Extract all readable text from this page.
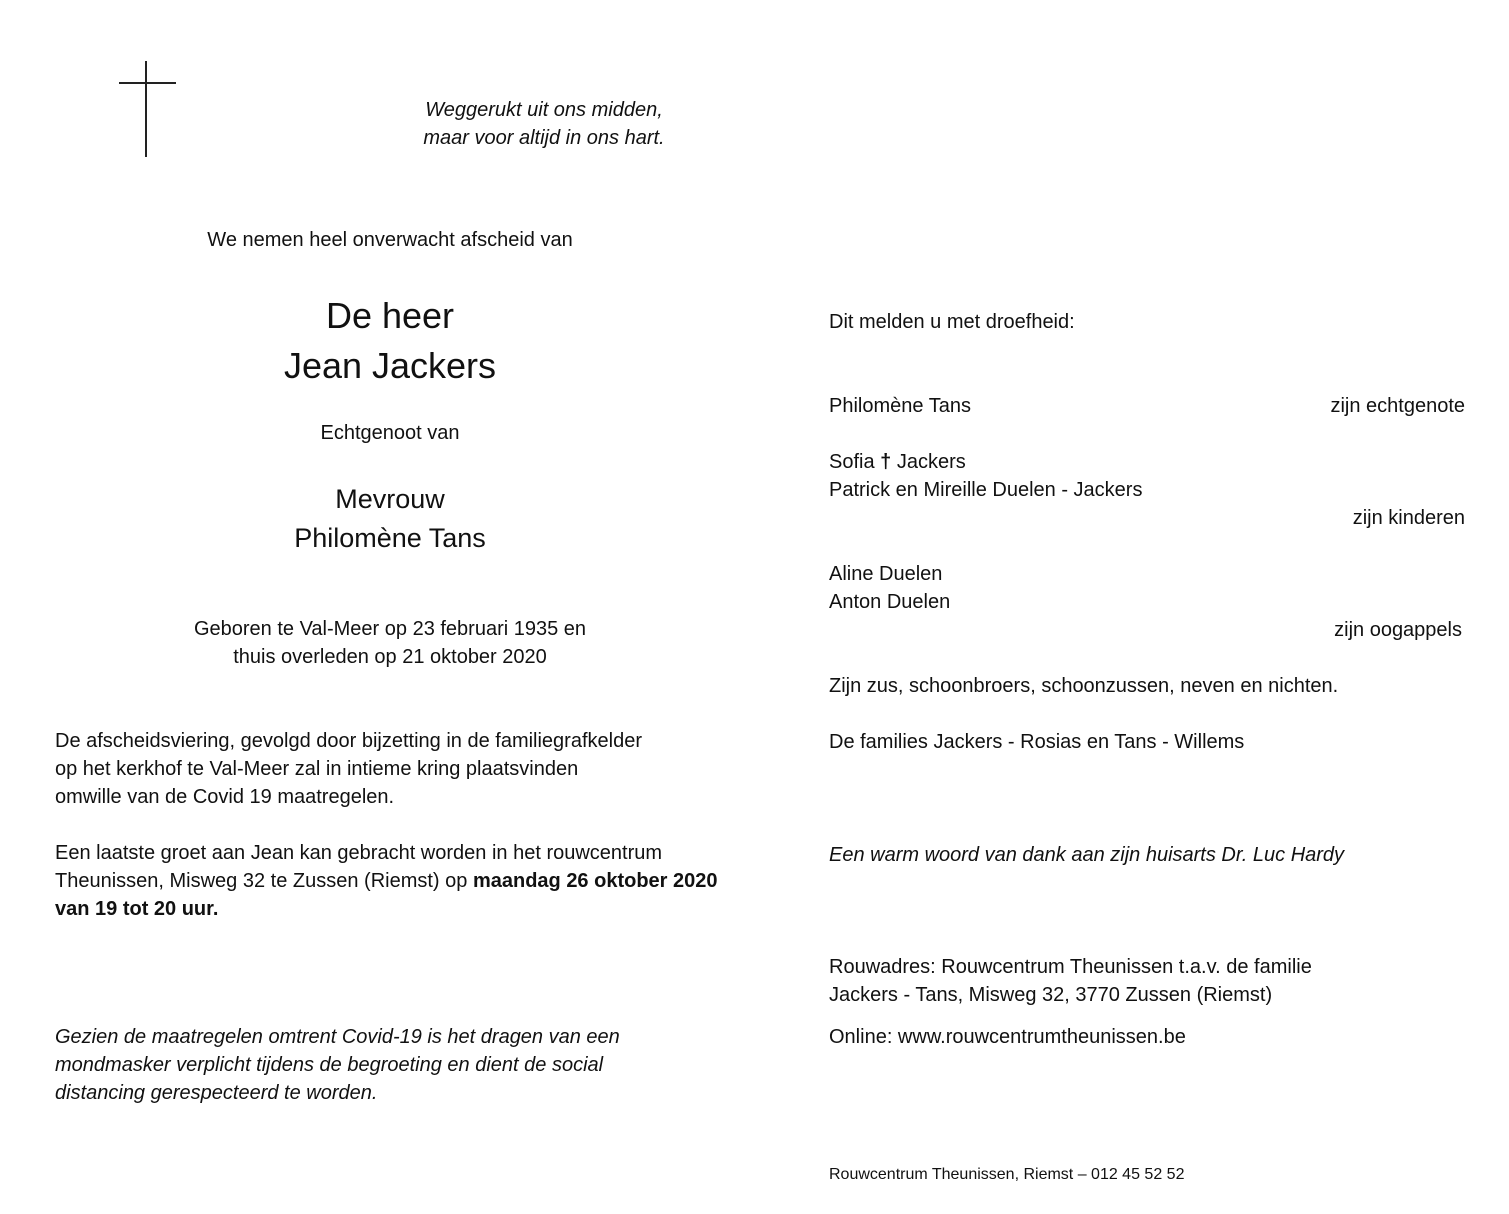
Weggerukt uit ons midden,
maar voor altijd in ons hart.
We nemen heel onverwacht afscheid van
De heer
Jean Jackers
Echtgenoot van
Mevrouw
Philomène Tans
Geboren te Val-Meer op 23 februari 1935 en
thuis overleden op 21 oktober 2020
De afscheidsviering, gevolgd door bijzetting in de familiegrafkelder
op het kerkhof te Val-Meer zal in intieme kring plaatsvinden
omwille van de Covid 19 maatregelen.
Een laatste groet aan Jean kan gebracht worden in het rouwcentrum
Theunissen, Misweg 32 te Zussen (Riemst) op maandag 26 oktober 2020
van 19 tot 20 uur.
Gezien de maatregelen omtrent Covid-19 is het dragen van een
mondmasker verplicht tijdens de begroeting en dient de social
distancing gerespecteerd te worden.
Dit melden u met droefheid:
Philomène Tans	zijn echtgenote
Sofia † Jackers
Patrick en Mireille Duelen - Jackers
zijn kinderen
Aline Duelen
Anton Duelen
zijn oogappels
Zijn zus, schoonbroers, schoonzussen, neven en nichten.
De families Jackers - Rosias en Tans - Willems
Een warm woord van dank aan zijn huisarts Dr. Luc Hardy
Rouwadres: Rouwcentrum Theunissen t.a.v. de familie
Jackers - Tans, Misweg 32, 3770 Zussen (Riemst)
Online: www.rouwcentrumtheunissen.be
Rouwcentrum Theunissen, Riemst – 012 45 52 52
